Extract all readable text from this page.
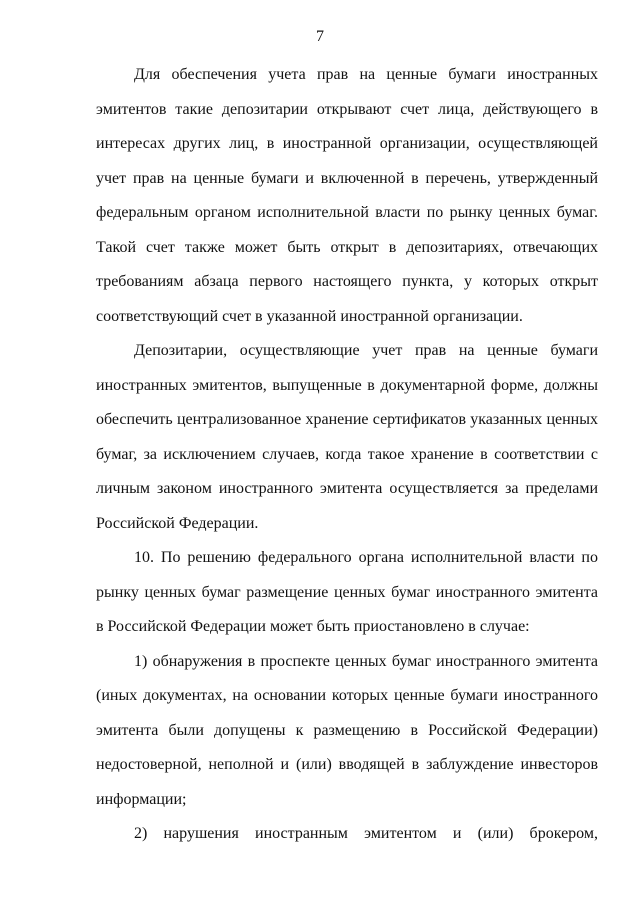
7

Для обеспечения учета прав на ценные бумаги иностранных эмитентов такие депозитарии открывают счет лица, действующего в интересах других лиц, в иностранной организации, осуществляющей учет прав на ценные бумаги и включенной в перечень, утвержденный федеральным органом исполнительной власти по рынку ценных бумаг. Такой счет также может быть открыт в депозитариях, отвечающих требованиям абзаца первого настоящего пункта, у которых открыт соответствующий счет в указанной иностранной организации.

Депозитарии, осуществляющие учет прав на ценные бумаги иностранных эмитентов, выпущенные в документарной форме, должны обеспечить централизованное хранение сертификатов указанных ценных бумаг, за исключением случаев, когда такое хранение в соответствии с личным законом иностранного эмитента осуществляется за пределами Российской Федерации.

10. По решению федерального органа исполнительной власти по рынку ценных бумаг размещение ценных бумаг иностранного эмитента в Российской Федерации может быть приостановлено в случае:

1) обнаружения в проспекте ценных бумаг иностранного эмитента (иных документах, на основании которых ценные бумаги иностранного эмитента были допущены к размещению в Российской Федерации) недостоверной, неполной и (или) вводящей в заблуждение инвесторов информации;

2) нарушения иностранным эмитентом и (или) брокером,
